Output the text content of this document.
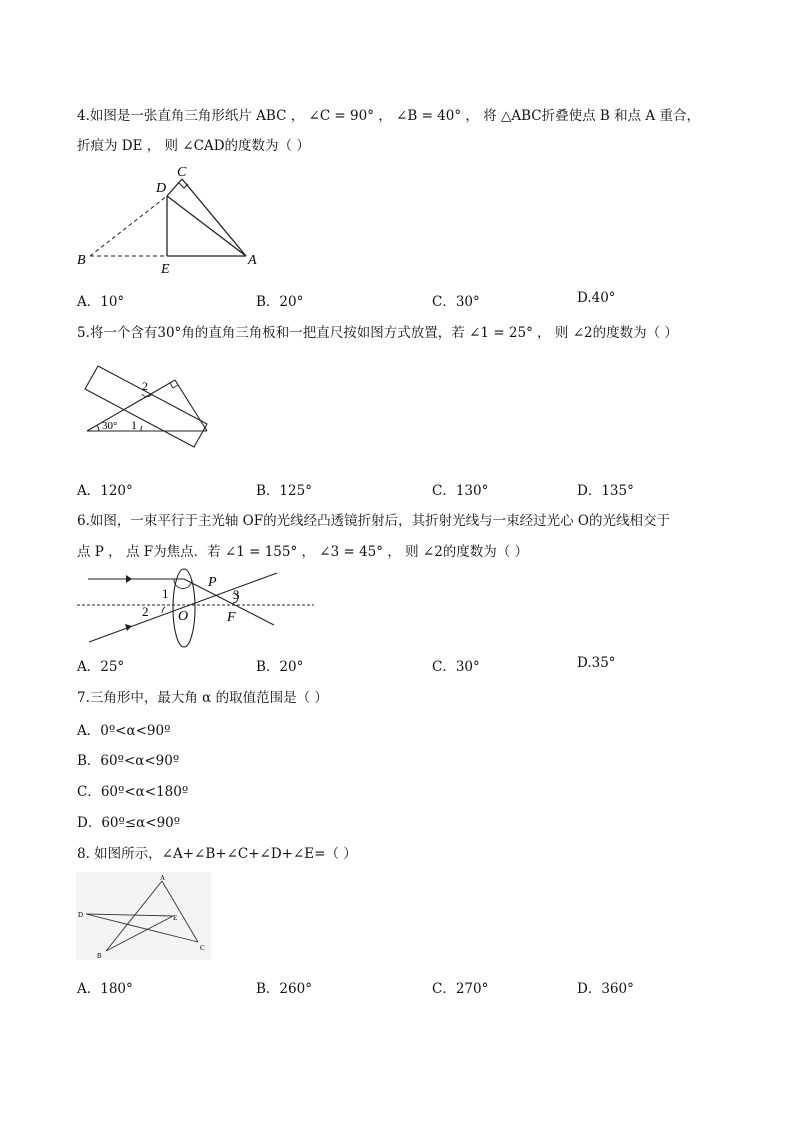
4.如图是一张直角三角形纸片 ABC ， ∠C = 90° ， ∠B = 40° ， 将 △ABC折叠使点 B 和点 A 重合，
折痕为 DE ， 则 ∠CAD的度数为（ ）
C
D
B
E
A
A．10°	B．20°	C．30°	D.40°
5.将一个含有30°角的直角三角板和一把直尺按如图方式放置，若 ∠1 = 25° ， 则 ∠2的度数为（ ）
30° 1
2
A．120°	B．125°	C．130°	D．135°
6.如图，一束平行于主光轴 OF的光线经凸透镜折射后，其折射光线与一束经过光心 O的光线相交于
点 P ， 点 F为焦点．若 ∠1 = 155° ， ∠3 = 45° ， 则 ∠2的度数为（ ）
P
O	F
1
2
3
A．25°	B．20°	C．30°	D.35°
7.三角形中，最大角 α 的取值范围是（ ）
A．0º<α<90º
B．60º<α<90º
C．60º<α<180º
D．60º≤α<90º
8. 如图所示，∠A+∠B+∠C+∠D+∠E=（ ）
A
D	E
B
C
A．180°	B．260°	C．270°	D．360°
